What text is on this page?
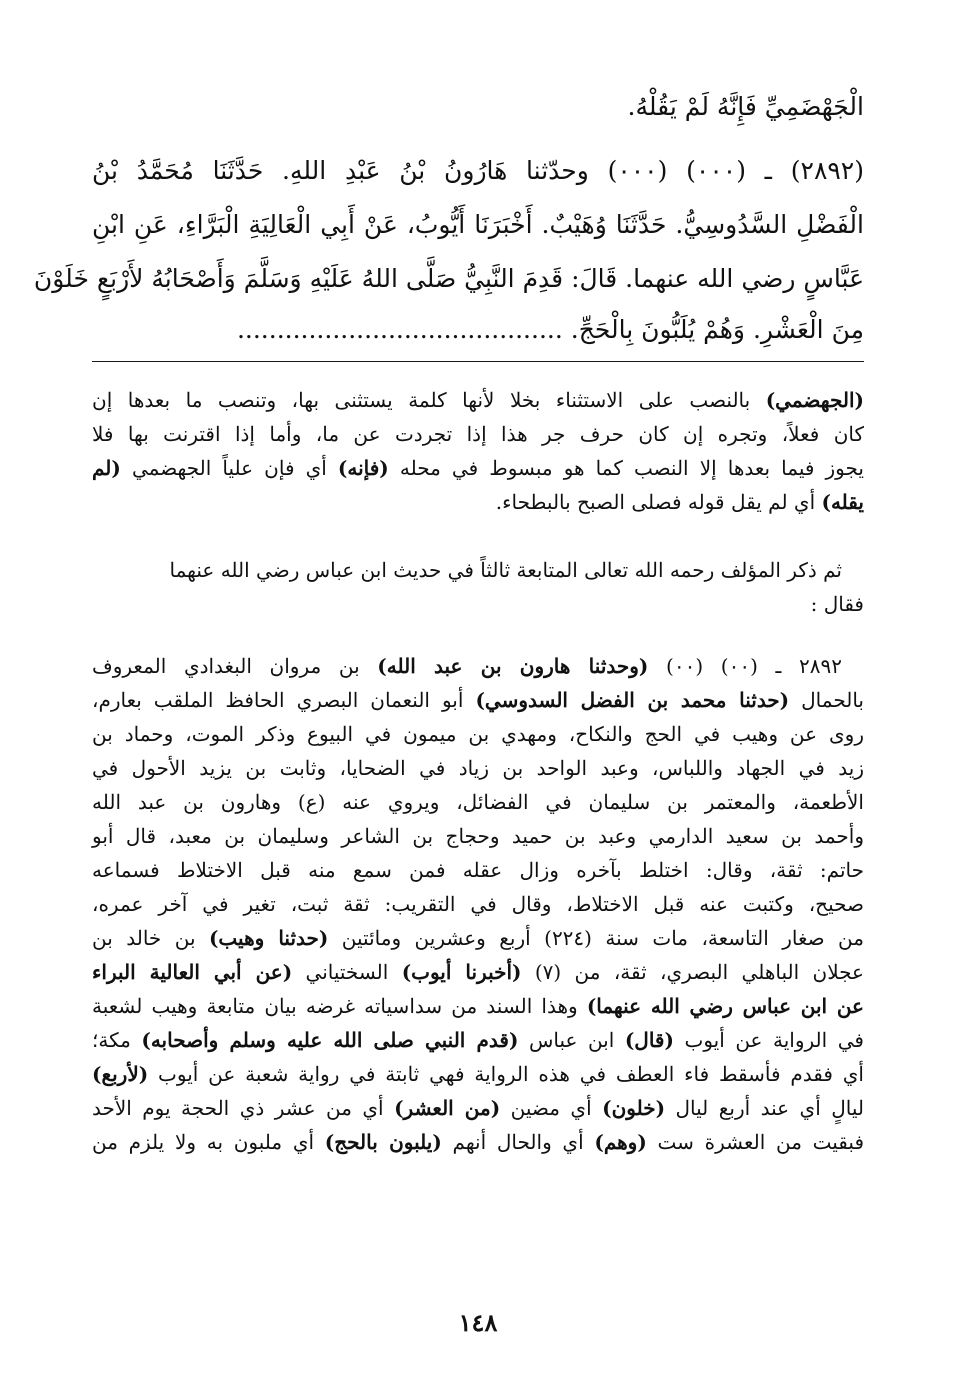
الْجَهْضَمِيِّ فَإِنَّهُ لَمْ يَقُلْهُ.
(٢٨٩٢) ـ (٠٠٠) (٠٠٠) وحدّثنا هَارُونُ بْنُ عَبْدِ اللهِ. حَدَّثَنَا مُحَمَّدُ بْنُ
الْفَضْلِ السَّدُوسِيُّ. حَدَّثَنَا وُهَيْبٌ. أَخْبَرَنَا أَيُّوبُ، عَنْ أَبِي الْعَالِيَةِ الْبَرَّاءِ، عَنِ ابْنِ
عَبَّاسٍ رضي الله عنهما. قَالَ: قَدِمَ النَّبِيُّ صَلَّى اللهُ عَلَيْهِ وَسَلَّمَ وَأَصْحَابُهُ لأَرْبَعٍ خَلَوْنَ
مِنَ الْعَشْرِ. وَهُمْ يُلَبُّونَ بِالْحَجِّ. .........................................
(الجهضمي) بالنصب على الاستثناء بخلا لأنها كلمة يستثنى بها، وتنصب ما بعدها إن
كان فعلاً، وتجره إن كان حرف جر هذا إذا تجردت عن ما، وأما إذا اقترنت بها فلا
يجوز فيما بعدها إلا النصب كما هو مبسوط في محله (فإنه) أي فإن علياً الجهضمي (لم
يقله) أي لم يقل قوله فصلى الصبح بالبطحاء.
ثم ذكر المؤلف رحمه الله تعالى المتابعة ثالثاً في حديث ابن عباس رضي الله عنهما
فقال :
٢٨٩٢ ـ (٠٠) (٠٠) (وحدثنا هارون بن عبد الله) بن مروان البغدادي المعروف
بالحمال (حدثنا محمد بن الفضل السدوسي) أبو النعمان البصري الحافظ الملقب بعارم،
روى عن وهيب في الحج والنكاح، ومهدي بن ميمون في البيوع وذكر الموت، وحماد بن
زيد في الجهاد واللباس، وعبد الواحد بن زياد في الضحايا، وثابت بن يزيد الأحول في
الأطعمة، والمعتمر بن سليمان في الفضائل، ويروي عنه (ع) وهارون بن عبد الله
وأحمد بن سعيد الدارمي وعبد بن حميد وحجاج بن الشاعر وسليمان بن معبد، قال أبو
حاتم: ثقة، وقال: اختلط بآخره وزال عقله فمن سمع منه قبل الاختلاط فسماعه
صحيح، وكتبت عنه قبل الاختلاط، وقال في التقريب: ثقة ثبت، تغير في آخر عمره،
من صغار التاسعة، مات سنة (٢٢٤) أربع وعشرين ومائتين (حدثنا وهيب) بن خالد بن
عجلان الباهلي البصري، ثقة، من (٧) (أخبرنا أيوب) السختياني (عن أبي العالية البراء
عن ابن عباس رضي الله عنهما) وهذا السند من سداسياته غرضه بيان متابعة وهيب لشعبة
في الرواية عن أيوب (قال) ابن عباس (قدم النبي صلى الله عليه وسلم وأصحابه) مكة؛
أي فقدم فأسقط فاء العطف في هذه الرواية فهي ثابتة في رواية شعبة عن أيوب (لأربع)
ليالٍ أي عند أربع ليال (خلون) أي مضين (من العشر) أي من عشر ذي الحجة يوم الأحد
فبقيت من العشرة ست (وهم) أي والحال أنهم (يلبون بالحج) أي ملبون به ولا يلزم من
١٤٨
